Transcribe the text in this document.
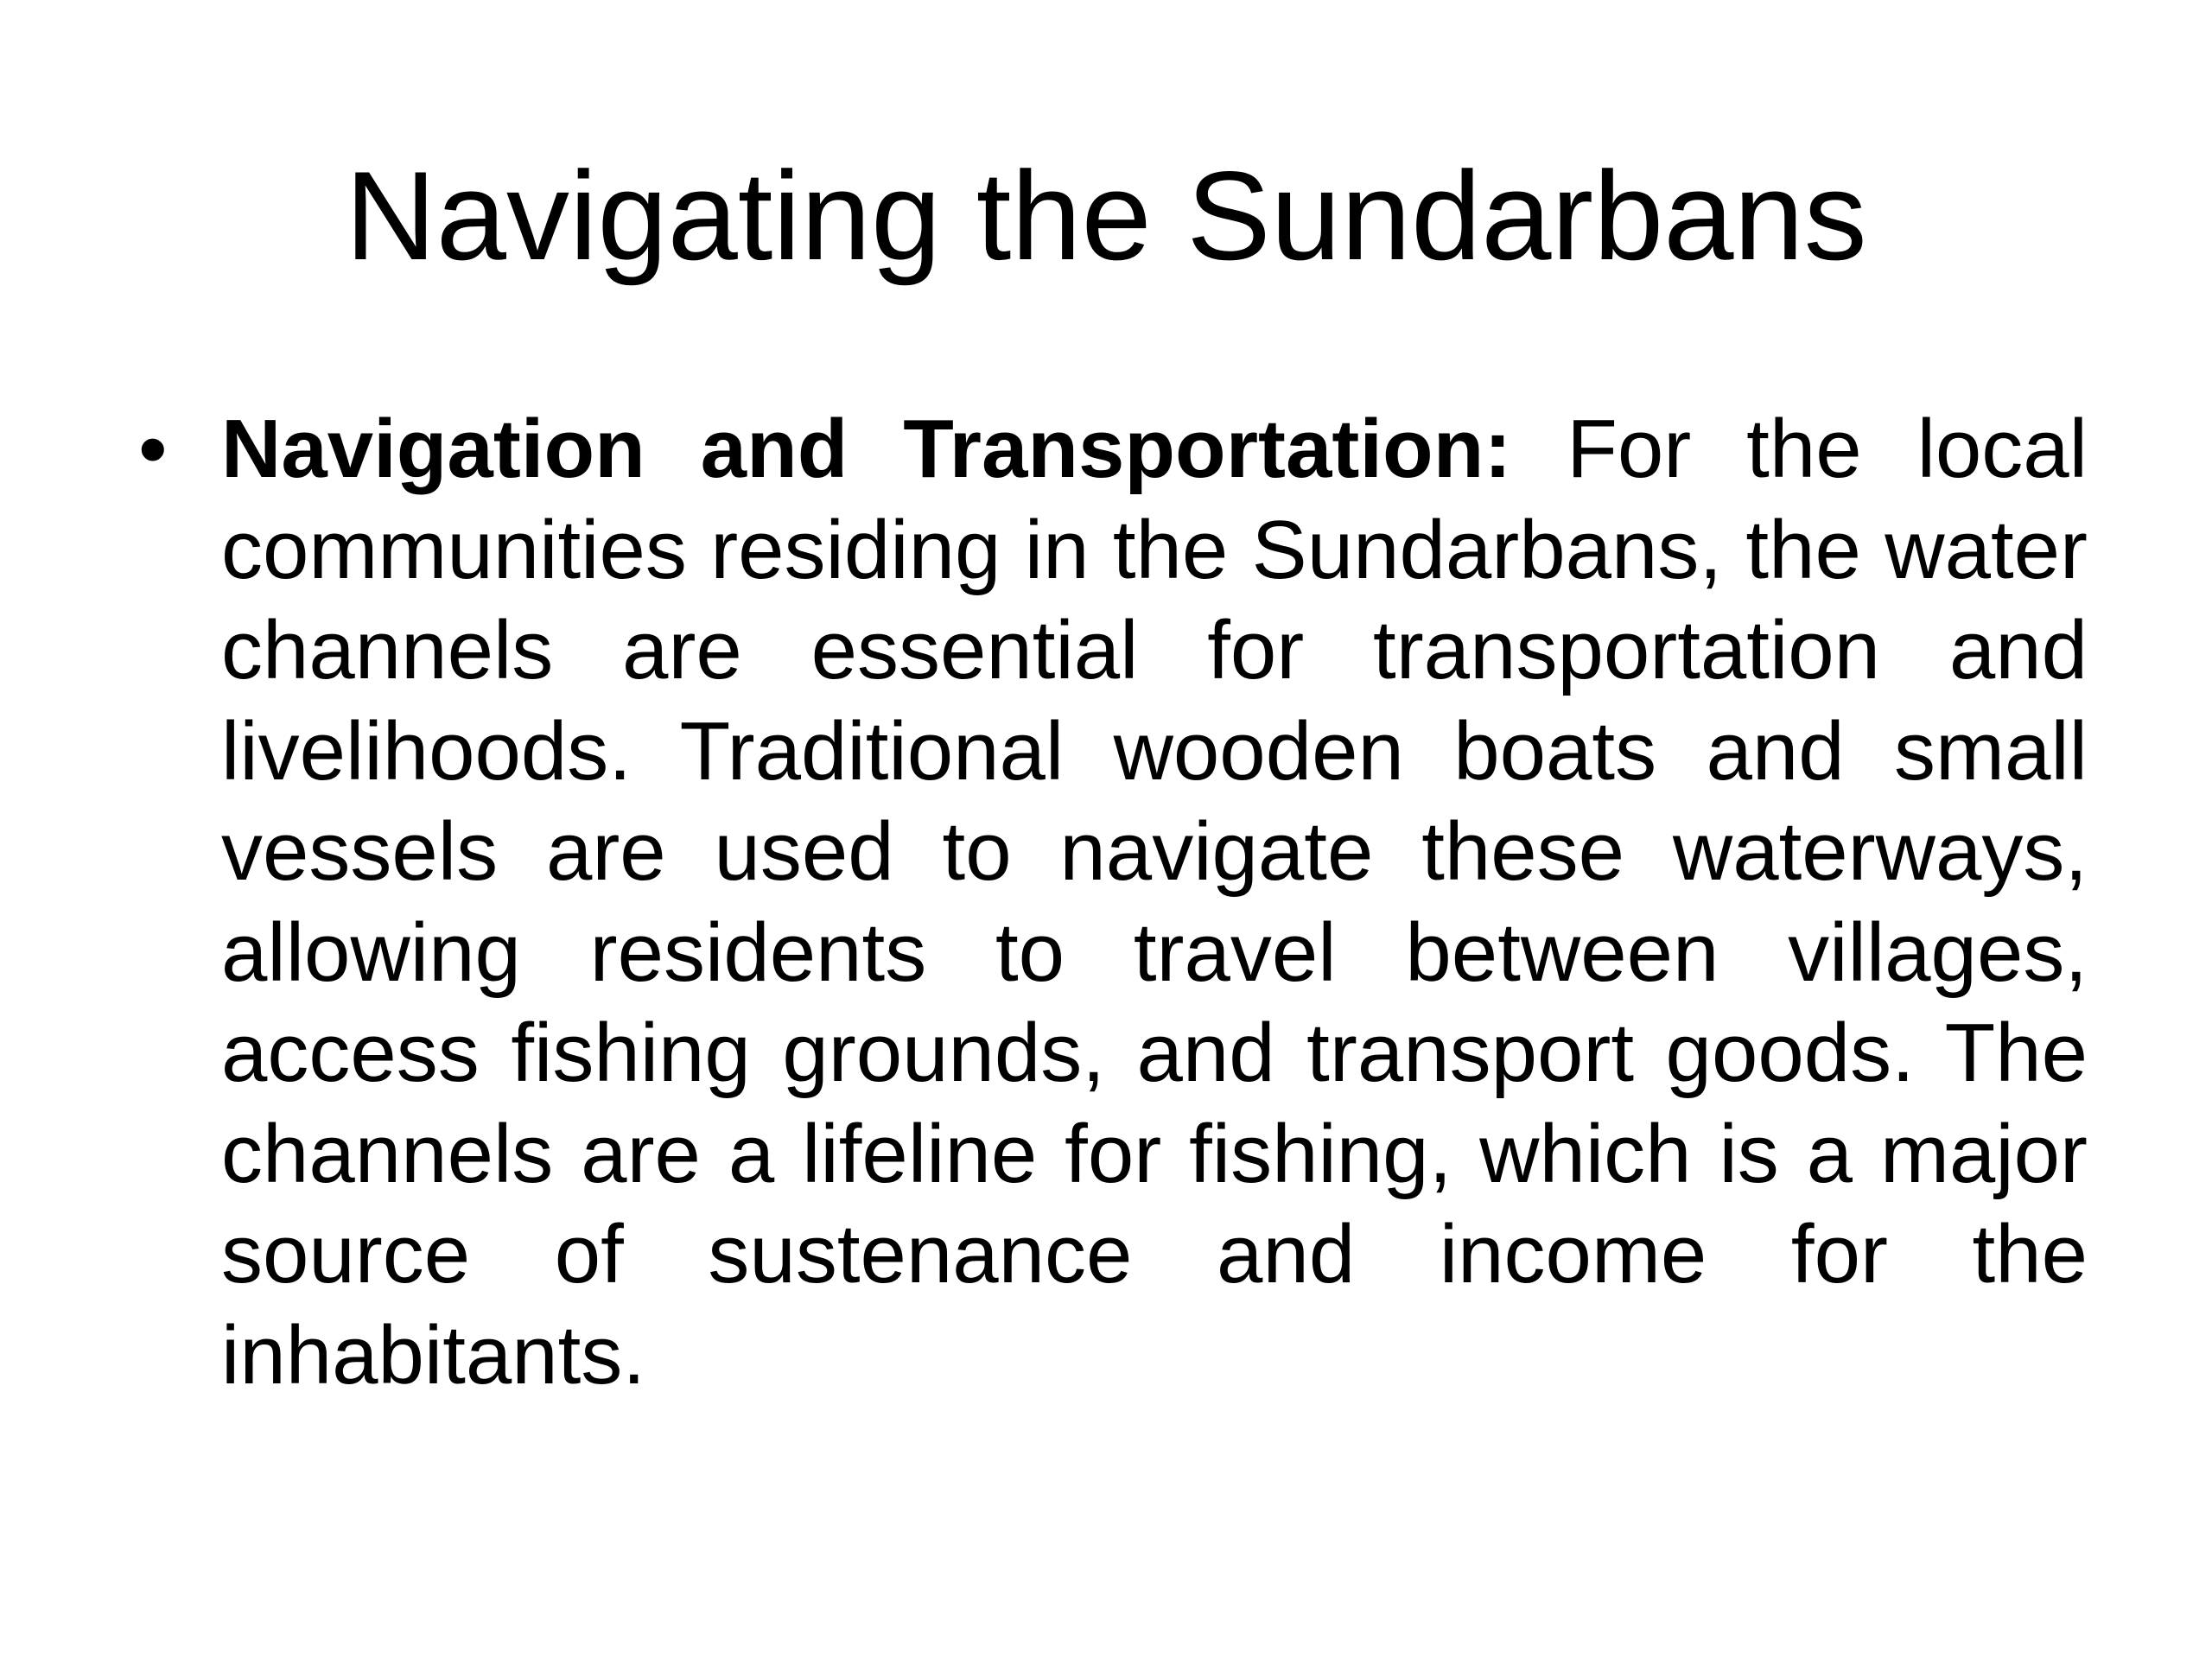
Navigating the Sundarbans
• Navigation and Transportation: For the local communities residing in the Sundarbans, the water channels are essential for transportation and livelihoods. Traditional wooden boats and small vessels are used to navigate these waterways, allowing residents to travel between villages, access fishing grounds, and transport goods. The channels are a lifeline for fishing, which is a major source of sustenance and income for the inhabitants.
